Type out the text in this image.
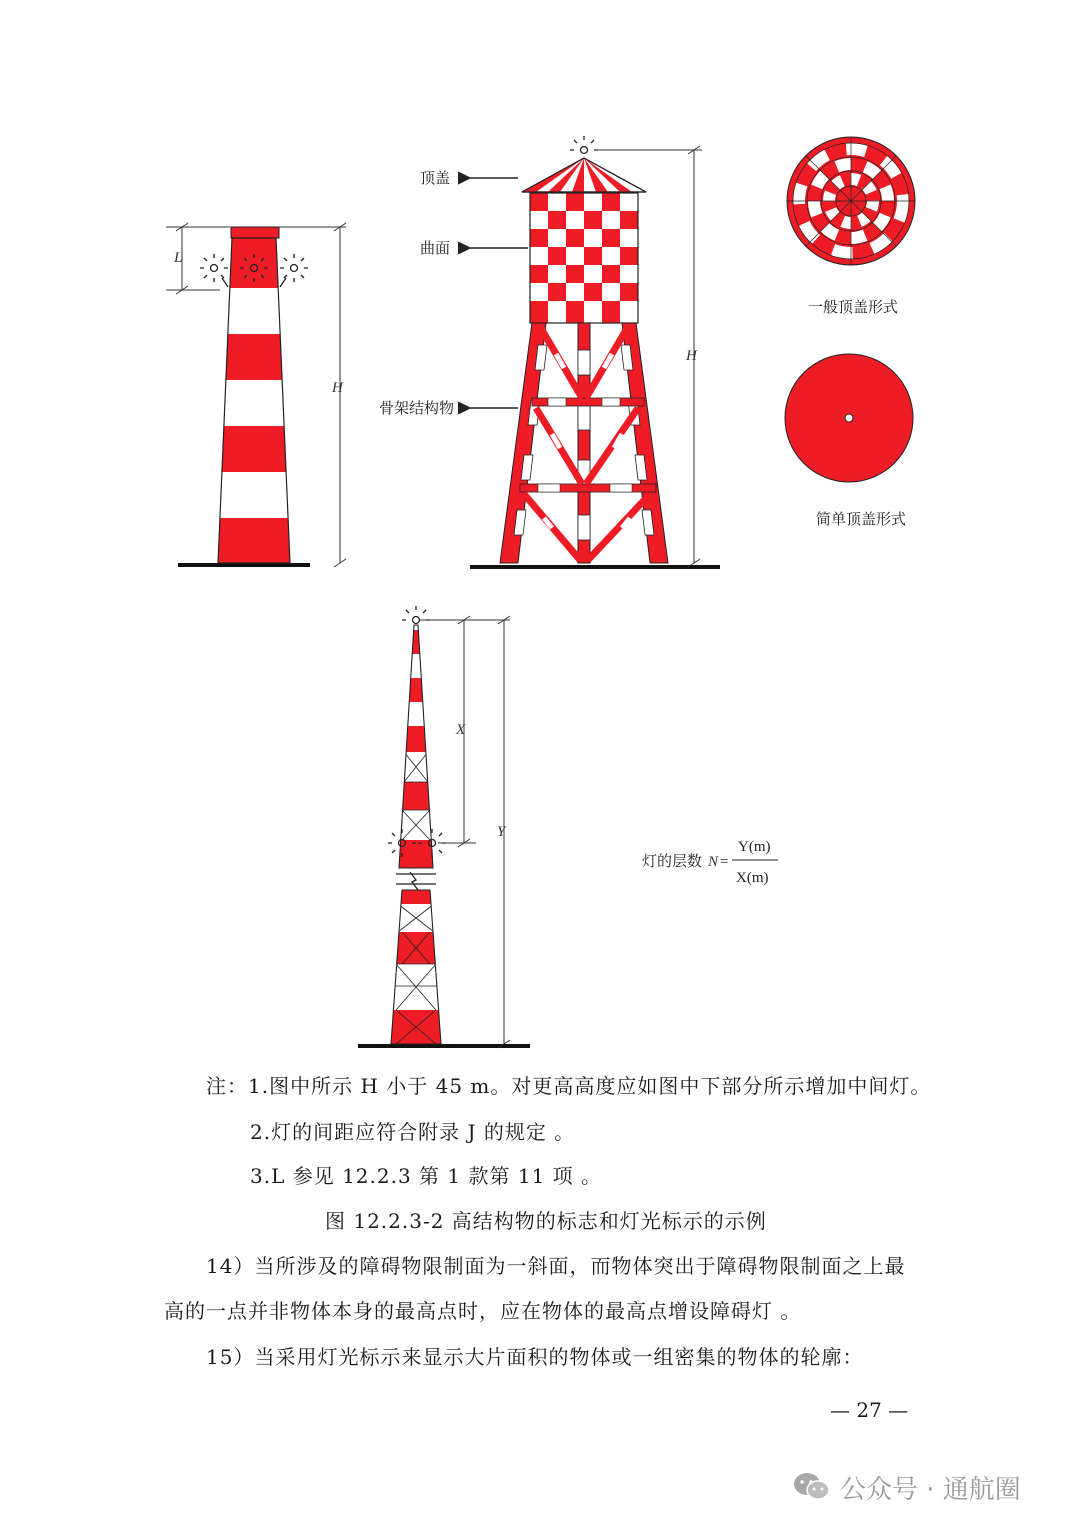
L
H
顶盖
曲面
骨架结构物
H
一般顶盖形式
简单顶盖形式
X
Y
灯的层数 N =
Y(m)
X(m)
注：1.图中所示 H 小于 45 m。对更高高度应如图中下部分所示增加中间灯。
2.灯的间距应符合附录 J 的规定 。
3.L 参见 12.2.3 第 1 款第 11 项 。
图 12.2.3-2 高结构物的标志和灯光标示的示例
14）当所涉及的障碍物限制面为一斜面，而物体突出于障碍物限制面之上最
高的一点并非物体本身的最高点时，应在物体的最高点增设障碍灯 。
15）当采用灯光标示来显示大片面积的物体或一组密集的物体的轮廓：
— 27 —
公众号 · 通航圈
